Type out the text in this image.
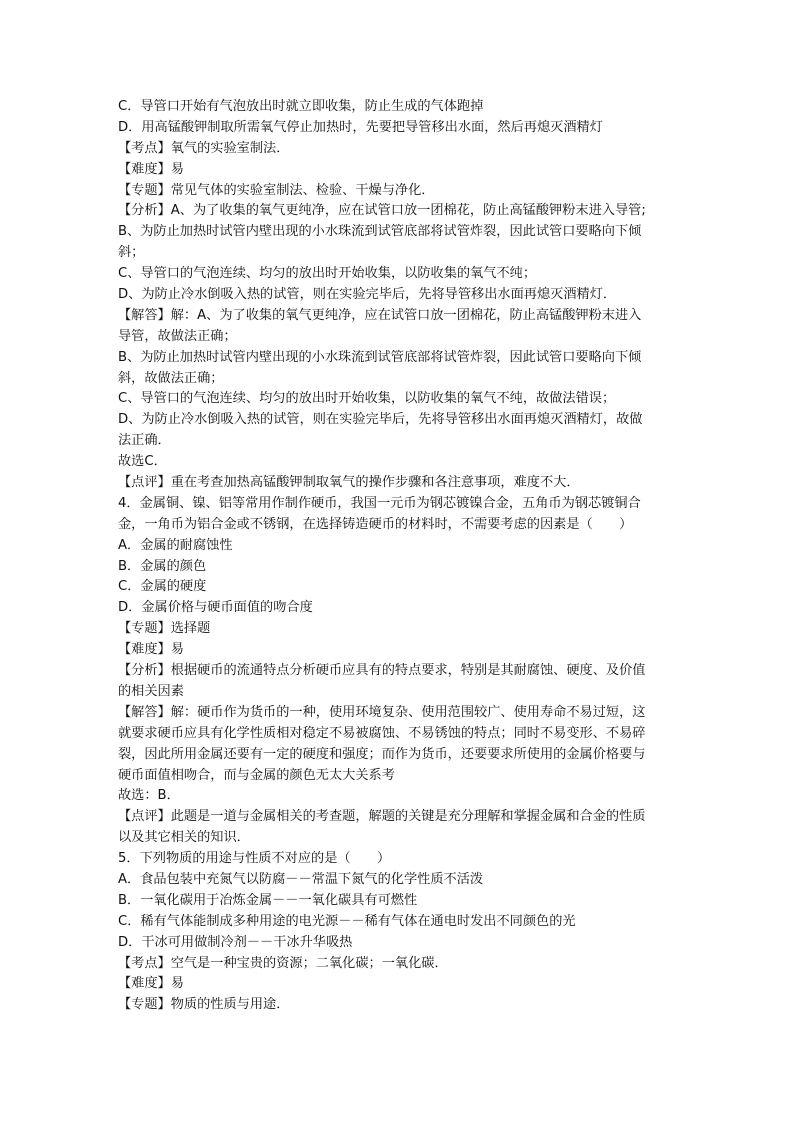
C．导管口开始有气泡放出时就立即收集，防止生成的气体跑掉
D．用高锰酸钾制取所需氧气停止加热时，先要把导管移出水面，然后再熄灭酒精灯
【考点】氧气的实验室制法．
【难度】易
【专题】常见气体的实验室制法、检验、干燥与净化．
【分析】A、为了收集的氧气更纯净，应在试管口放一团棉花，防止高锰酸钾粉末进入导管;
B、为防止加热时试管内壁出现的小水珠流到试管底部将试管炸裂，因此试管口要略向下倾
斜；
C、导管口的气泡连续、均匀的放出时开始收集，以防收集的氧气不纯；
D、为防止冷水倒吸入热的试管，则在实验完毕后，先将导管移出水面再熄灭酒精灯．
【解答】解：A、为了收集的氧气更纯净，应在试管口放一团棉花，防止高锰酸钾粉末进入
导管，故做法正确；
B、为防止加热时试管内壁出现的小水珠流到试管底部将试管炸裂，因此试管口要略向下倾
斜，故做法正确；
C、导管口的气泡连续、均匀的放出时开始收集，以防收集的氧气不纯，故做法错误；
D、为防止冷水倒吸入热的试管，则在实验完毕后，先将导管移出水面再熄灭酒精灯，故做
法正确．
故选C．
【点评】重在考查加热高锰酸钾制取氧气的操作步骤和各注意事项，难度不大．
4．金属铜、镍、铝等常用作制作硬币，我国一元币为钢芯镀镍合金，五角币为钢芯镀铜合
金，一角币为铝合金或不锈钢，在选择铸造硬币的材料时，不需要考虑的因素是（　　）
A．金属的耐腐蚀性
B．金属的颜色
C．金属的硬度
D．金属价格与硬币面值的吻合度
【专题】选择题
【难度】易
【分析】根据硬币的流通特点分析硬币应具有的特点要求，特别是其耐腐蚀、硬度、及价值
的相关因素
【解答】解：硬币作为货币的一种，使用环境复杂、使用范围较广、使用寿命不易过短，这
就要求硬币应具有化学性质相对稳定不易被腐蚀、不易锈蚀的特点；同时不易变形、不易碎
裂，因此所用金属还要有一定的硬度和强度；而作为货币，还要要求所使用的金属价格要与
硬币面值相吻合，而与金属的颜色无太大关系考
故选：B．
【点评】此题是一道与金属相关的考查题，解题的关键是充分理解和掌握金属和合金的性质
以及其它相关的知识．
5．下列物质的用途与性质不对应的是（　　）
A．食品包装中充氮气以防腐－－常温下氮气的化学性质不活泼
B．一氧化碳用于冶炼金属－－一氧化碳具有可燃性
C．稀有气体能制成多种用途的电光源－－稀有气体在通电时发出不同颜色的光
D．干冰可用做制冷剂－－干冰升华吸热
【考点】空气是一种宝贵的资源；二氧化碳；一氧化碳．
【难度】易
【专题】物质的性质与用途．
